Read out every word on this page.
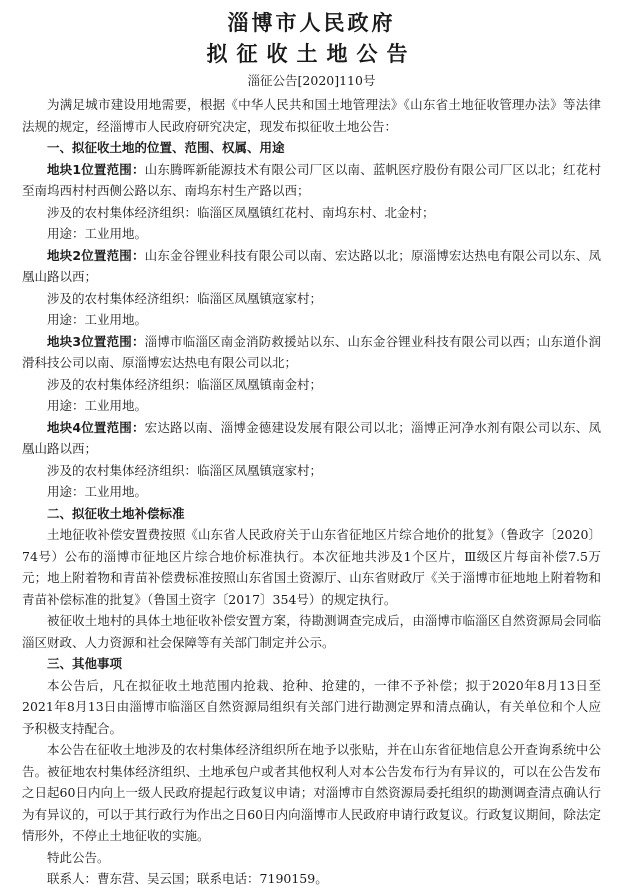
淄博市人民政府
拟征收土地公告
淄征公告[2020]110号

为满足城市建设用地需要，根据《中华人民共和国土地管理法》《山东省土地征收管理办法》等法律法规的规定，经淄博市人民政府研究决定，现发布拟征收土地公告：

一、拟征收土地的位置、范围、权属、用途

地块1位置范围：山东腾晖新能源技术有限公司厂区以南、蓝帆医疗股份有限公司厂区以北；红花村至南坞西村村西侧公路以东、南坞东村生产路以西；

涉及的农村集体经济组织：临淄区凤凰镇红花村、南坞东村、北金村；

用途：工业用地。

地块2位置范围：山东金谷锂业科技有限公司以南、宏达路以北；原淄博宏达热电有限公司以东、凤凰山路以西；

涉及的农村集体经济组织：临淄区凤凰镇寇家村；

用途：工业用地。

地块3位置范围：淄博市临淄区南金消防救援站以东、山东金谷锂业科技有限公司以西；山东道仆润滑科技公司以南、原淄博宏达热电有限公司以北；

涉及的农村集体经济组织：临淄区凤凰镇南金村；

用途：工业用地。

地块4位置范围：宏达路以南、淄博金德建设发展有限公司以北；淄博正河净水剂有限公司以东、凤凰山路以西；

涉及的农村集体经济组织：临淄区凤凰镇寇家村；

用途：工业用地。

二、拟征收土地补偿标准

土地征收补偿安置费按照《山东省人民政府关于山东省征地区片综合地价的批复》（鲁政字〔2020〕74号）公布的淄博市征地区片综合地价标准执行。本次征地共涉及1个区片，Ⅲ级区片每亩补偿7.5万元；地上附着物和青苗补偿费标准按照山东省国土资源厅、山东省财政厅《关于淄博市征地地上附着物和青苗补偿标准的批复》（鲁国土资字〔2017〕354号）的规定执行。

被征收土地村的具体土地征收补偿安置方案，待勘测调查完成后，由淄博市临淄区自然资源局会同临淄区财政、人力资源和社会保障等有关部门制定并公示。

三、其他事项

本公告后，凡在拟征收土地范围内抢栽、抢种、抢建的，一律不予补偿；拟于2020年8月13日至2021年8月13日由淄博市临淄区自然资源局组织有关部门进行勘测定界和清点确认，有关单位和个人应予积极支持配合。

本公告在征收土地涉及的农村集体经济组织所在地予以张贴，并在山东省征地信息公开查询系统中公告。被征地农村集体经济组织、土地承包户或者其他权利人对本公告发布行为有异议的，可以在公告发布之日起60日内向上一级人民政府提起行政复议申请；对淄博市自然资源局委托组织的勘测调查清点确认行为有异议的，可以于其行政行为作出之日60日内向淄博市人民政府申请行政复议。行政复议期间，除法定情形外，不停止土地征收的实施。

特此公告。

联系人：曹东营、吴云国；联系电话：7190159。
